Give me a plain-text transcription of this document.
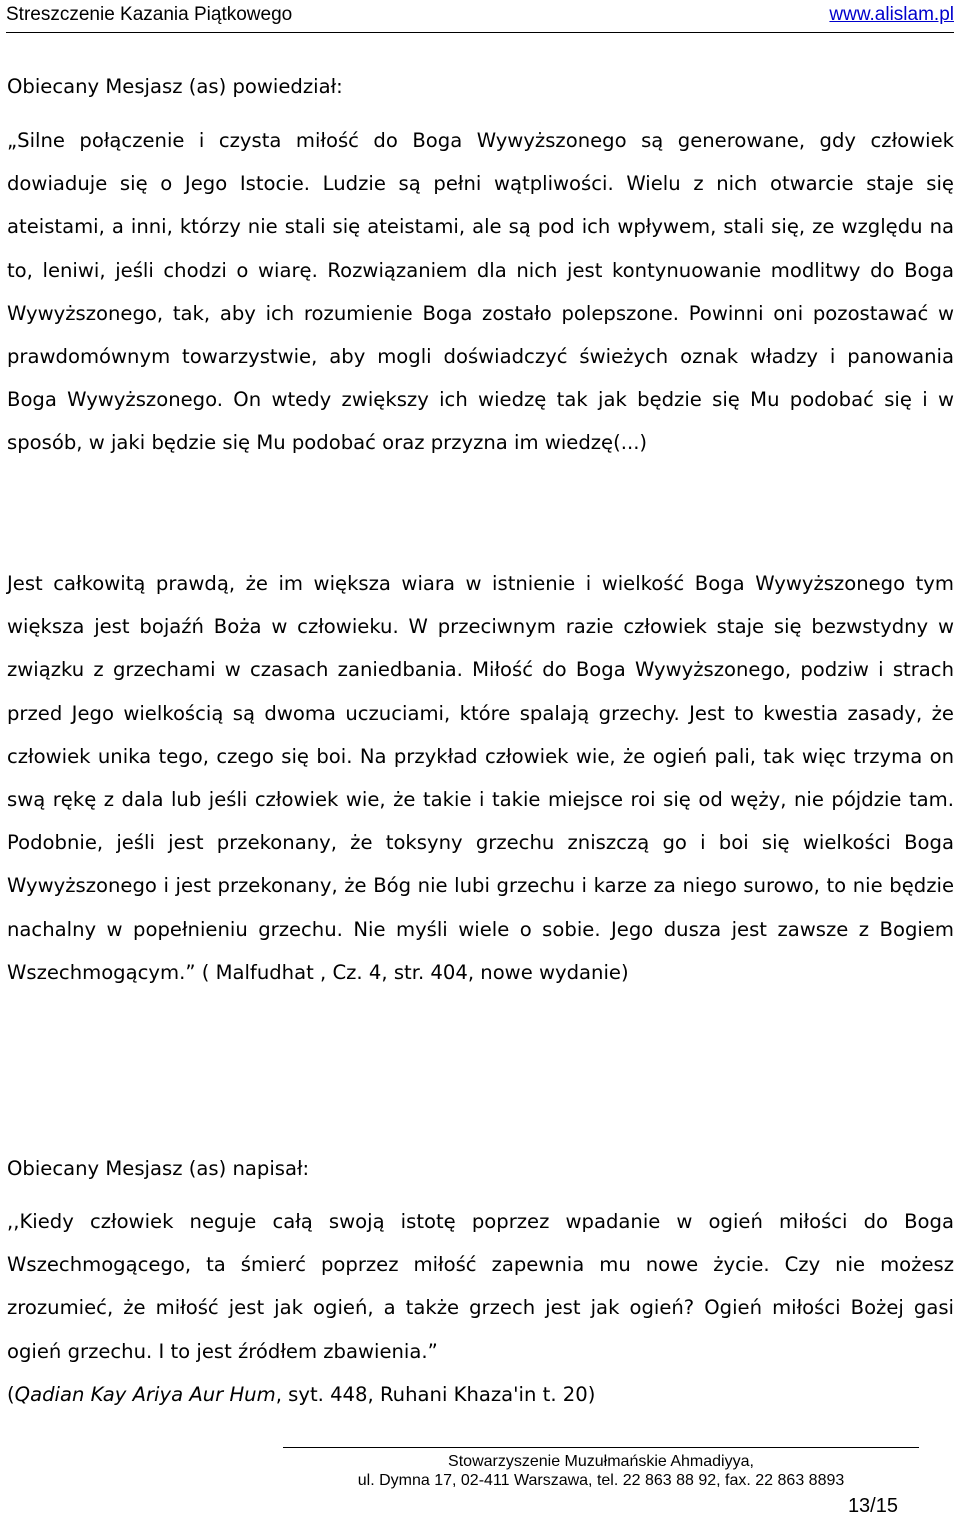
Streszczenie Kazania Piątkowego	www.alislam.pl

Obiecany Mesjasz (as) powiedział:

„Silne połączenie i czysta miłość do Boga Wywyższonego są generowane, gdy człowiek dowiaduje się o Jego Istocie. Ludzie są pełni wątpliwości. Wielu z nich otwarcie staje się ateistami, a inni, którzy nie stali się ateistami, ale są pod ich wpływem, stali się, ze względu na to, leniwi, jeśli chodzi o wiarę. Rozwiązaniem dla nich jest kontynuowanie modlitwy do Boga Wywyższonego, tak, aby ich rozumienie Boga zostało polepszone. Powinni oni pozostawać w prawdomównym towarzystwie, aby mogli doświadczyć świeżych oznak władzy i panowania Boga Wywyższonego. On wtedy zwiększy ich wiedzę tak jak będzie się Mu podobać się i w sposób, w jaki będzie się Mu podobać oraz przyzna im wiedzę(...)

Jest całkowitą prawdą, że im większa wiara w istnienie i wielkość Boga Wywyższonego tym większa jest bojaźń Boża w człowieku. W przeciwnym razie człowiek staje się bezwstydny w związku z grzechami w czasach zaniedbania. Miłość do Boga Wywyższonego, podziw i strach przed Jego wielkością są dwoma uczuciami, które spalają grzechy. Jest to kwestia zasady, że człowiek unika tego, czego się boi. Na przykład człowiek wie, że ogień pali, tak więc trzyma on swą rękę z dala lub jeśli człowiek wie, że takie i takie miejsce roi się od węży, nie pójdzie tam. Podobnie, jeśli jest przekonany, że toksyny grzechu zniszczą go i boi się wielkości Boga Wywyższonego i jest przekonany, że Bóg nie lubi grzechu i karze za niego surowo, to nie będzie nachalny w popełnieniu grzechu. Nie myśli wiele o sobie. Jego dusza jest zawsze z Bogiem Wszechmogącym.” ( Malfudhat , Cz. 4, str. 404, nowe wydanie)

Obiecany Mesjasz (as) napisał:

,,Kiedy człowiek neguje całą swoją istotę poprzez wpadanie w ogień miłości do Boga Wszechmogącego, ta śmierć poprzez miłość zapewnia mu nowe życie. Czy nie możesz zrozumieć, że miłość jest jak ogień, a także grzech jest jak ogień? Ogień miłości Bożej gasi ogień grzechu. I to jest źródłem zbawienia.”
(Qadian Kay Ariya Aur Hum, syt. 448, Ruhani Khaza'in t. 20)

Stowarzyszenie Muzułmańskie Ahmadiyya,
ul. Dymna 17, 02-411 Warszawa, tel. 22 863 88 92, fax. 22 863 8893
13/15
